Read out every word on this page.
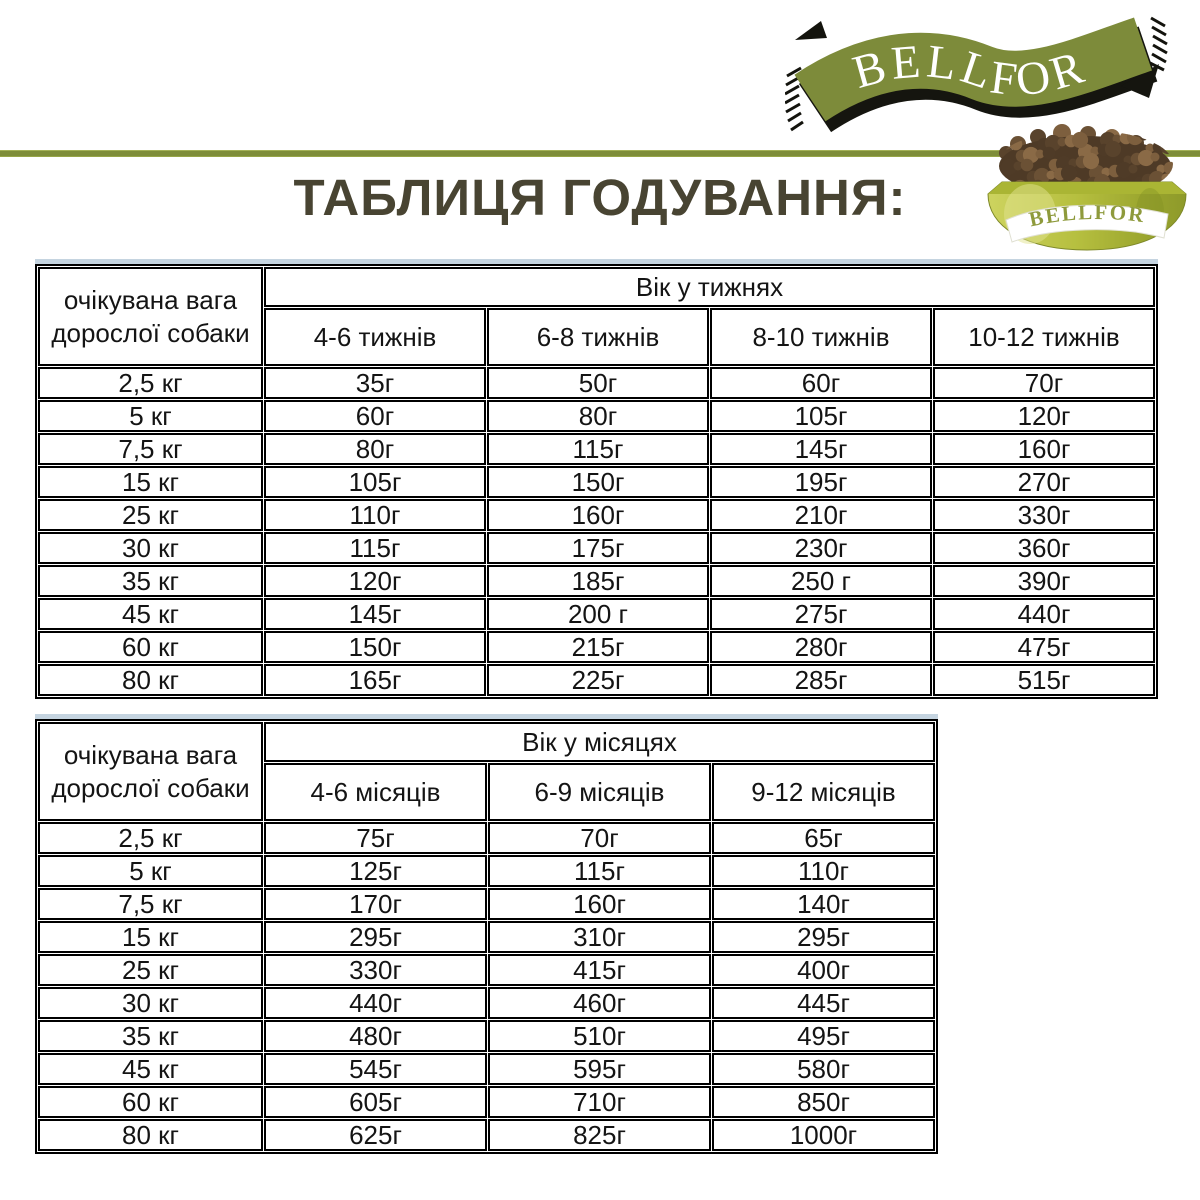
BELLFOR
ТАБЛИЦЯ ГОДУВАННЯ:	BELLFOR
очікувана вага дорослої собаки	Вік у тижнях			
	4-6 тижнів	6-8 тижнів	8-10 тижнів	10-12 тижнів
2,5 кг	35г	50г	60г	70г
5 кг	60г	80г	105г	120г
7,5 кг	80г	115г	145г	160г
15 кг	105г	150г	195г	270г
25 кг	110г	160г	210г	330г
30 кг	115г	175г	230г	360г
35 кг	120г	185г	250 г	390г
45 кг	145г	200 г	275г	440г
60 кг	150г	215г	280г	475г
80 кг	165г	225г	285г	515г
очікувана вага дорослої собаки	Вік у місяцях		
	4-6 місяців	6-9 місяців	9-12 місяців
2,5 кг	75г	70г	65г
5 кг	125г	115г	110г
7,5 кг	170г	160г	140г
15 кг	295г	310г	295г
25 кг	330г	415г	400г
30 кг	440г	460г	445г
35 кг	480г	510г	495г
45 кг	545г	595г	580г
60 кг	605г	710г	850г
80 кг	625г	825г	1000г
